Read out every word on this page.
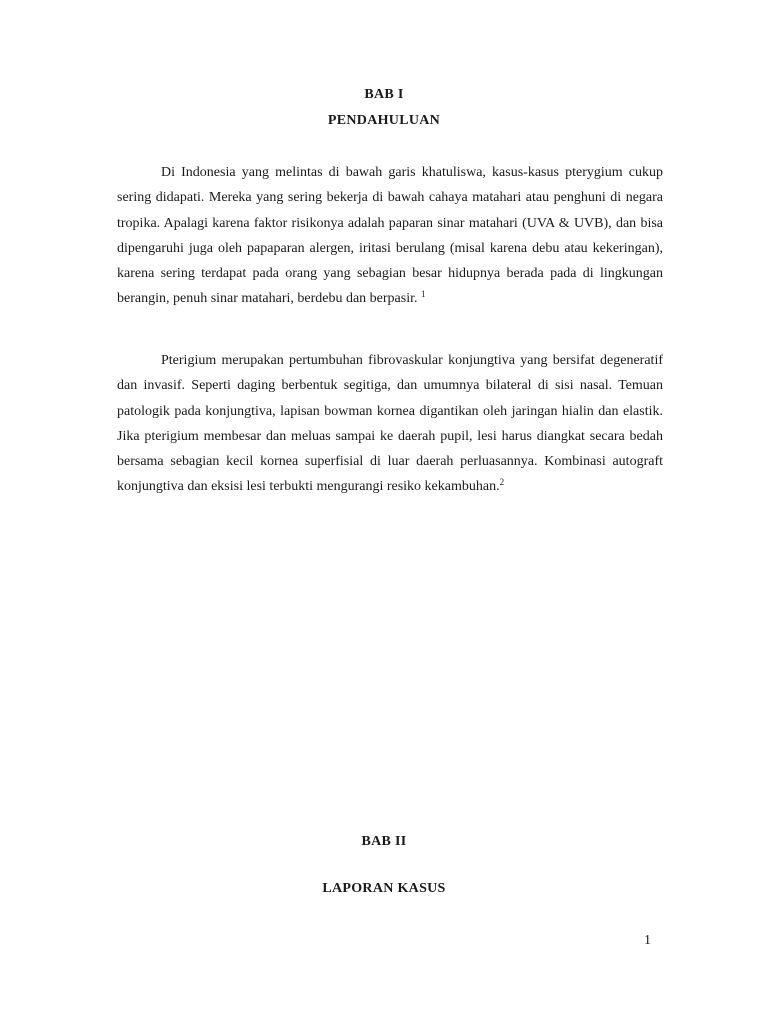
BAB I
PENDAHULUAN

Di Indonesia yang melintas di bawah garis khatuliswa, kasus-kasus pterygium cukup sering didapati. Mereka yang sering bekerja di bawah cahaya matahari atau penghuni di negara tropika. Apalagi karena faktor risikonya adalah paparan sinar matahari (UVA & UVB), dan bisa dipengaruhi juga oleh papaparan alergen, iritasi berulang (misal karena debu atau kekeringan), karena sering terdapat pada orang yang sebagian besar hidupnya berada pada di lingkungan berangin, penuh sinar matahari, berdebu dan berpasir. $^1$

Pterigium merupakan pertumbuhan fibrovaskular konjungtiva yang bersifat degeneratif dan invasif. Seperti daging berbentuk segitiga, dan umumnya bilateral di sisi nasal. Temuan patologik pada konjungtiva, lapisan bowman kornea digantikan oleh jaringan hialin dan elastik. Jika pterigium membesar dan meluas sampai ke daerah pupil, lesi harus diangkat secara bedah bersama sebagian kecil kornea superfisial di luar daerah perluasannya. Kombinasi autograft konjungtiva dan eksisi lesi terbukti mengurangi resiko kekambuhan.$^2$

BAB II
LAPORAN KASUS
1
